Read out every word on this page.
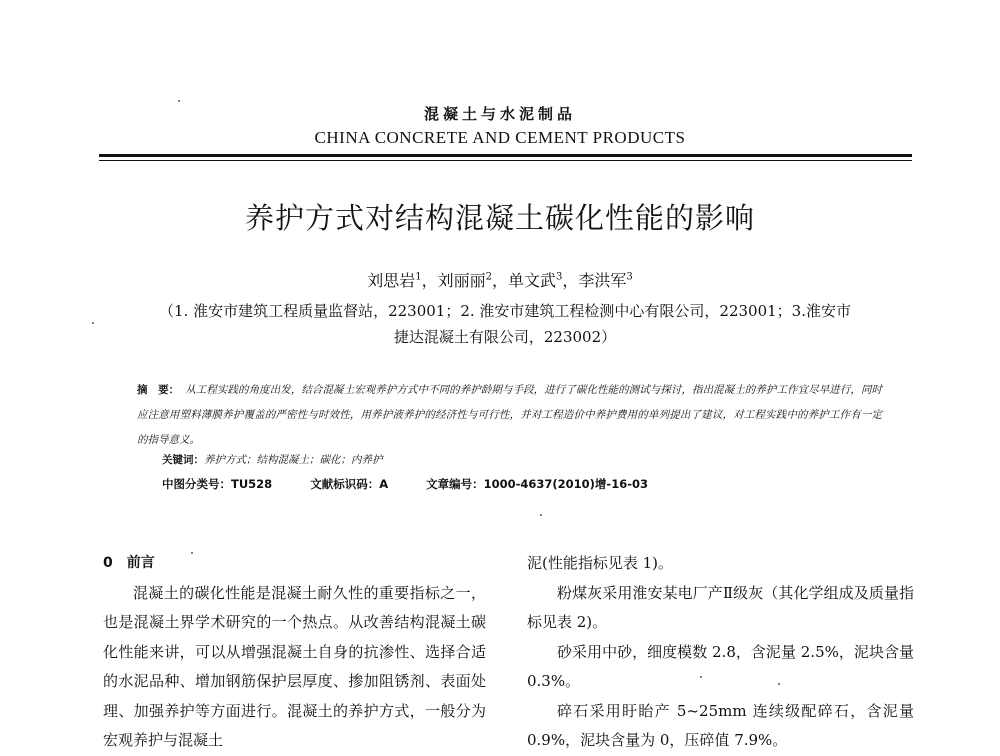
混凝土与水泥制品
CHINA CONCRETE AND CEMENT PRODUCTS
养护方式对结构混凝土碳化性能的影响
刘思岩$^1$，刘丽丽$^2$，单文武$^3$，李洪军$^3$
（1. 淮安市建筑工程质量监督站，223001；2. 淮安市建筑工程检测中心有限公司，223001；3.淮安市
捷达混凝土有限公司，223002）
摘　要： 从工程实践的角度出发，结合混凝土宏观养护方式中不同的养护龄期与手段，进行了碳化性能的测试与探讨，指出混凝土的养护工作宜尽早进行，同时应注意用塑料薄膜养护覆盖的严密性与时效性，用养护液养护的经济性与可行性，并对工程造价中养护费用的单列提出了建议，对工程实践中的养护工作有一定的指导意义。
关键词：养护方式；结构混凝土；碳化；内养护
中图分类号：TU528	文献标识码：A	文章编号：1000-4637(2010)增-16-03
0　前言

混凝土的碳化性能是混凝土耐久性的重要指标之一，也是混凝土界学术研究的一个热点。从改善结构混凝土碳化性能来讲，可以从增强混凝土自身的抗渗性、选择合适的水泥品种、增加钢筋保护层厚度、掺加阻锈剂、表面处理、加强养护等方面进行。混凝土的养护方式，一般分为宏观养护与混凝土

泥(性能指标见表 1)。

粉煤灰采用淮安某电厂产Ⅱ级灰（其化学组成及质量指标见表 2)。

砂采用中砂，细度模数 2.8，含泥量 2.5%，泥块含量 0.3%。

碎石采用盱眙产 5~25mm 连续级配碎石，含泥量 0.9%，泥块含量为 0，压碎值 7.9%。
